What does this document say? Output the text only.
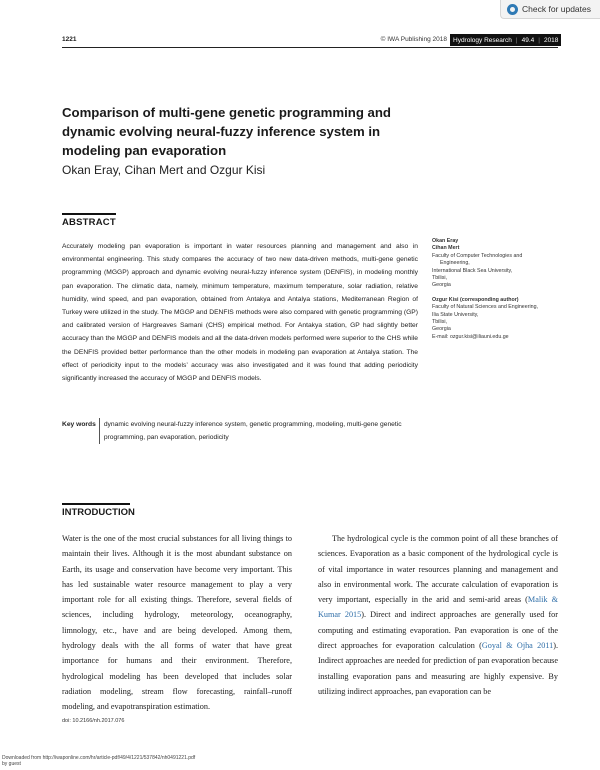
Check for updates
1221	© IWA Publishing 2018 Hydrology Research | 49.4 | 2018
Comparison of multi-gene genetic programming and dynamic evolving neural-fuzzy inference system in modeling pan evaporation
Okan Eray, Cihan Mert and Ozgur Kisi
ABSTRACT
Accurately modeling pan evaporation is important in water resources planning and management and also in environmental engineering. This study compares the accuracy of two new data-driven methods, multi-gene genetic programming (MGGP) approach and dynamic evolving neural-fuzzy inference system (DENFIS), in modeling monthly pan evaporation. The climatic data, namely, minimum temperature, maximum temperature, solar radiation, relative humidity, wind speed, and pan evaporation, obtained from Antakya and Antalya stations, Mediterranean Region of Turkey were utilized in the study. The MGGP and DENFIS methods were also compared with genetic programming (GP) and calibrated version of Hargreaves Samani (CHS) empirical method. For Antakya station, GP had slightly better accuracy than the MGGP and DENFIS models and all the data-driven models performed were superior to the CHS while the DENFIS provided better performance than the other models in modeling pan evaporation at Antalya station. The effect of periodicity input to the models’ accuracy was also investigated and it was found that adding periodicity significantly increased the accuracy of MGGP and DENFIS models.
Key words dynamic evolving neural-fuzzy inference system, genetic programming, modeling, multi-gene genetic programming, pan evaporation, periodicity
Okan Eray
Cihan Mert
Faculty of Computer Technologies and
Engineering,
International Black Sea University,
Tbilisi,
Georgia
Ozgur Kisi (corresponding author)
Faculty of Natural Sciences and Engineering,
Ilia State University,
Tbilisi,
Georgia
E-mail: ozgur.kisi@iliauni.edu.ge
INTRODUCTION
Water is the one of the most crucial substances for all living things to maintain their lives. Although it is the most abundant substance on Earth, its usage and conservation have become very important. This has led sustainable water resource management to play a very important role for all existing things. Therefore, several fields of sciences, including hydrology, meteorology, oceanography, limnology, etc., have and are being developed. Among them, hydrology deals with the all forms of water that have great importance for humans and their environment. Therefore, hydrological modeling has been developed that includes solar radiation modeling, stream flow forecasting, rainfall–runoff modeling, and evapotranspiration estimation.
The hydrological cycle is the common point of all these branches of sciences. Evaporation as a basic component of the hydrological cycle is of vital importance in water resources planning and management and also in environmental work. The accurate calculation of evaporation is very important, especially in the arid and semi-arid areas (Malik & Kumar 2015). Direct and indirect approaches are generally used for computing and estimating evaporation. Pan evaporation is one of the direct approaches for evaporation calculation (Goyal & Ojha 2011). Indirect approaches are needed for prediction of pan evaporation because installing evaporation pans and measuring are highly expensive. By utilizing indirect approaches, pan evaporation can be
doi: 10.2166/nh.2017.076
Downloaded from http://iwaponline.com/hr/article-pdf/49/4/1221/537842/nh0491221.pdf
by guest
